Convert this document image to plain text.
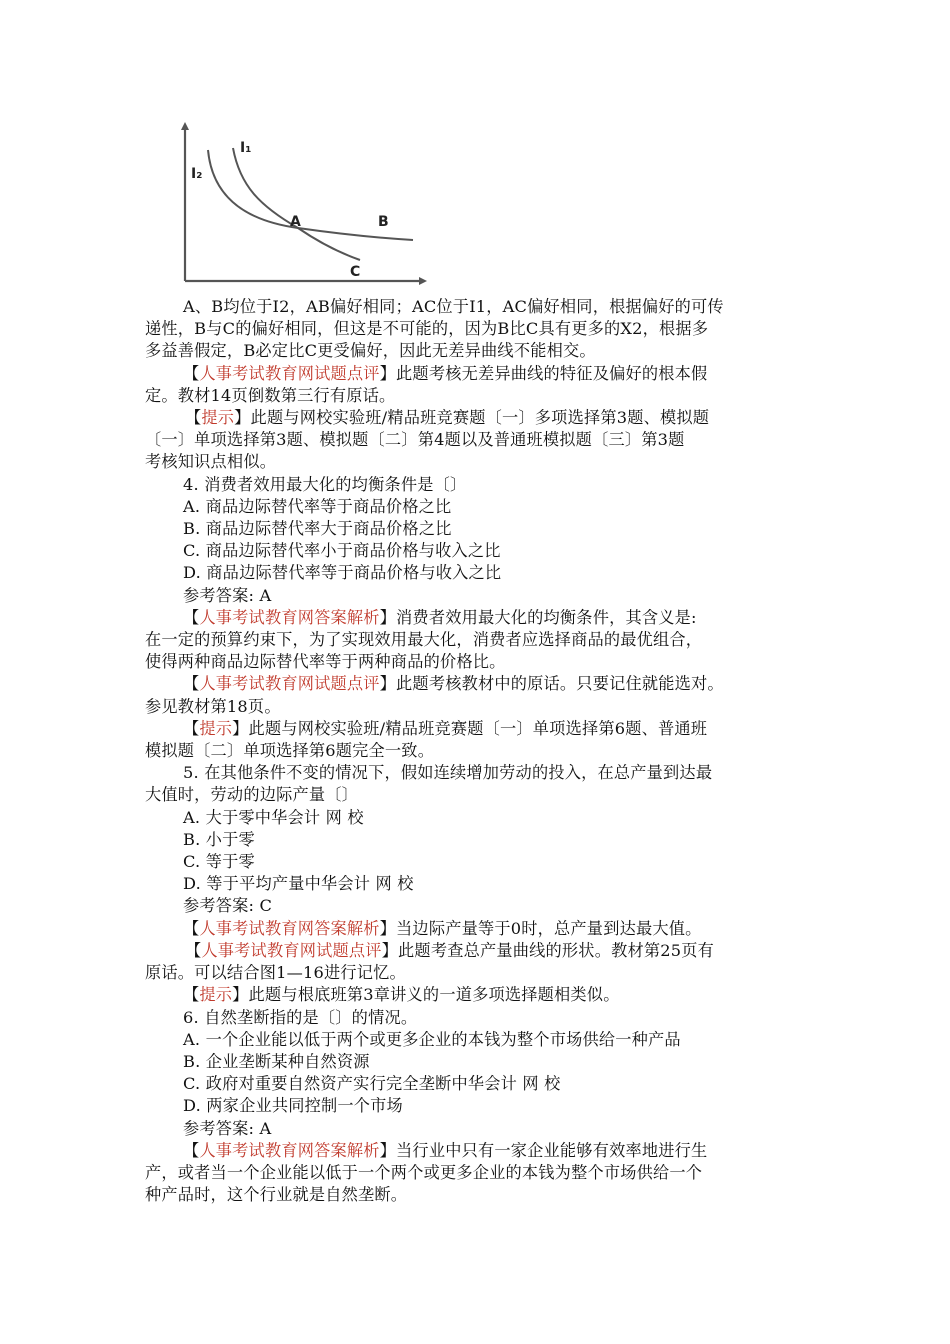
I₁
I₂
A	B
C

A、B均位于I2，AB偏好相同；AC位于I1，AC偏好相同，根据偏好的可传

递性，B与C的偏好相同，但这是不可能的，因为B比C具有更多的X2，根据多

多益善假定，B必定比C更受偏好，因此无差异曲线不能相交。

【人事考试教育网试题点评】此题考核无差异曲线的特征及偏好的根本假

定。教材14页倒数第三行有原话。

【提示】此题与网校实验班/精品班竞赛题〔一〕多项选择第3题、模拟题

〔一〕单项选择第3题、模拟题〔二〕第4题以及普通班模拟题〔三〕第3题

考核知识点相似。

4. 消费者效用最大化的均衡条件是〔〕

A. 商品边际替代率等于商品价格之比

B. 商品边际替代率大于商品价格之比

C. 商品边际替代率小于商品价格与收入之比

D. 商品边际替代率等于商品价格与收入之比

参考答案: A

【人事考试教育网答案解析】消费者效用最大化的均衡条件，其含义是:

在一定的预算约束下，为了实现效用最大化，消费者应选择商品的最优组合，

使得两种商品边际替代率等于两种商品的价格比。

【人事考试教育网试题点评】此题考核教材中的原话。只要记住就能选对。

参见教材第18页。

【提示】此题与网校实验班/精品班竞赛题〔一〕单项选择第6题、普通班

模拟题〔二〕单项选择第6题完全一致。

5. 在其他条件不变的情况下，假如连续增加劳动的投入，在总产量到达最

大值时，劳动的边际产量〔〕

A. 大于零中华会计 网 校

B. 小于零

C. 等于零

D. 等于平均产量中华会计 网 校

参考答案: C

【人事考试教育网答案解析】当边际产量等于0时，总产量到达最大值。

【人事考试教育网试题点评】此题考查总产量曲线的形状。教材第25页有

原话。可以结合图1—16进行记忆。

【提示】此题与根底班第3章讲义的一道多项选择题相类似。

6. 自然垄断指的是〔〕的情况。

A. 一个企业能以低于两个或更多企业的本钱为整个市场供给一种产品

B. 企业垄断某种自然资源

C. 政府对重要自然资产实行完全垄断中华会计 网 校

D. 两家企业共同控制一个市场

参考答案: A

【人事考试教育网答案解析】当行业中只有一家企业能够有效率地进行生

产，或者当一个企业能以低于一个两个或更多企业的本钱为整个市场供给一个

种产品时，这个行业就是自然垄断。
